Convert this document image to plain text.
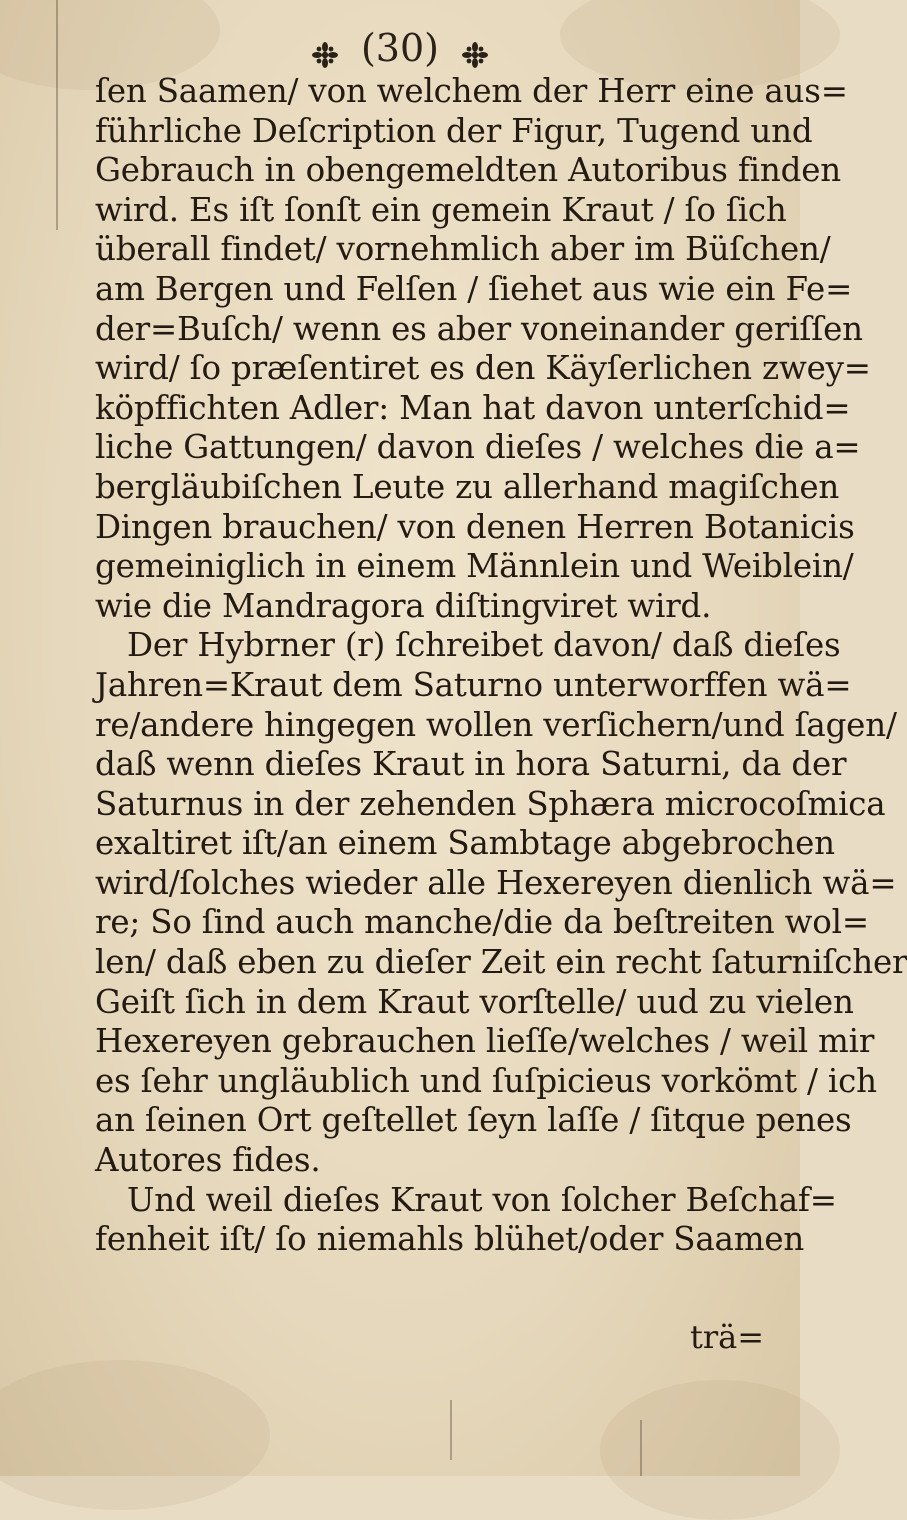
(30)
ſen Saamen/ von welchem der Herr eine aus=
führliche Deſcription der Figur, Tugend und
Gebrauch in obengemeldten Autoribus finden
wird. Es iſt ſonſt ein gemein Kraut / ſo ſich
überall findet/ vornehmlich aber im Büſchen/
am Bergen und Felſen / ſiehet aus wie ein Fe=
der=Buſch/ wenn es aber voneinander geriſſen
wird/ ſo præſentiret es den Käyſerlichen zwey=
köpffichten Adler: Man hat davon unterſchid=
liche Gattungen/ davon dieſes / welches die a=
bergläubiſchen Leute zu allerhand magiſchen
Dingen brauchen/ von denen Herren Botanicis
gemeiniglich in einem Männlein und Weiblein/
wie die Mandragora diſtingviret wird.
Der Hybrner (r) ſchreibet davon/ daß dieſes
Jahren=Kraut dem Saturno unterworffen wä=
re/andere hingegen wollen verſichern/und ſagen/
daß wenn dieſes Kraut in hora Saturni, da der
Saturnus in der zehenden Sphæra microcoſmica
exaltiret iſt/an einem Sambtage abgebrochen
wird/ſolches wieder alle Hexereyen dienlich wä=
re; So ſind auch manche/die da beſtreiten wol=
len/ daß eben zu dieſer Zeit ein recht ſaturniſcher
Geiſt ſich in dem Kraut vorſtelle/ uud zu vielen
Hexereyen gebrauchen lieſſe/welches / weil mir
es ſehr ungläublich und ſuſpicieus vorkömt / ich
an ſeinen Ort geſtellet ſeyn laſſe / ſitque penes
Autores fides.
Und weil dieſes Kraut von ſolcher Beſchaf=
fenheit iſt/ ſo niemahls blühet/oder Saamen
trä=
